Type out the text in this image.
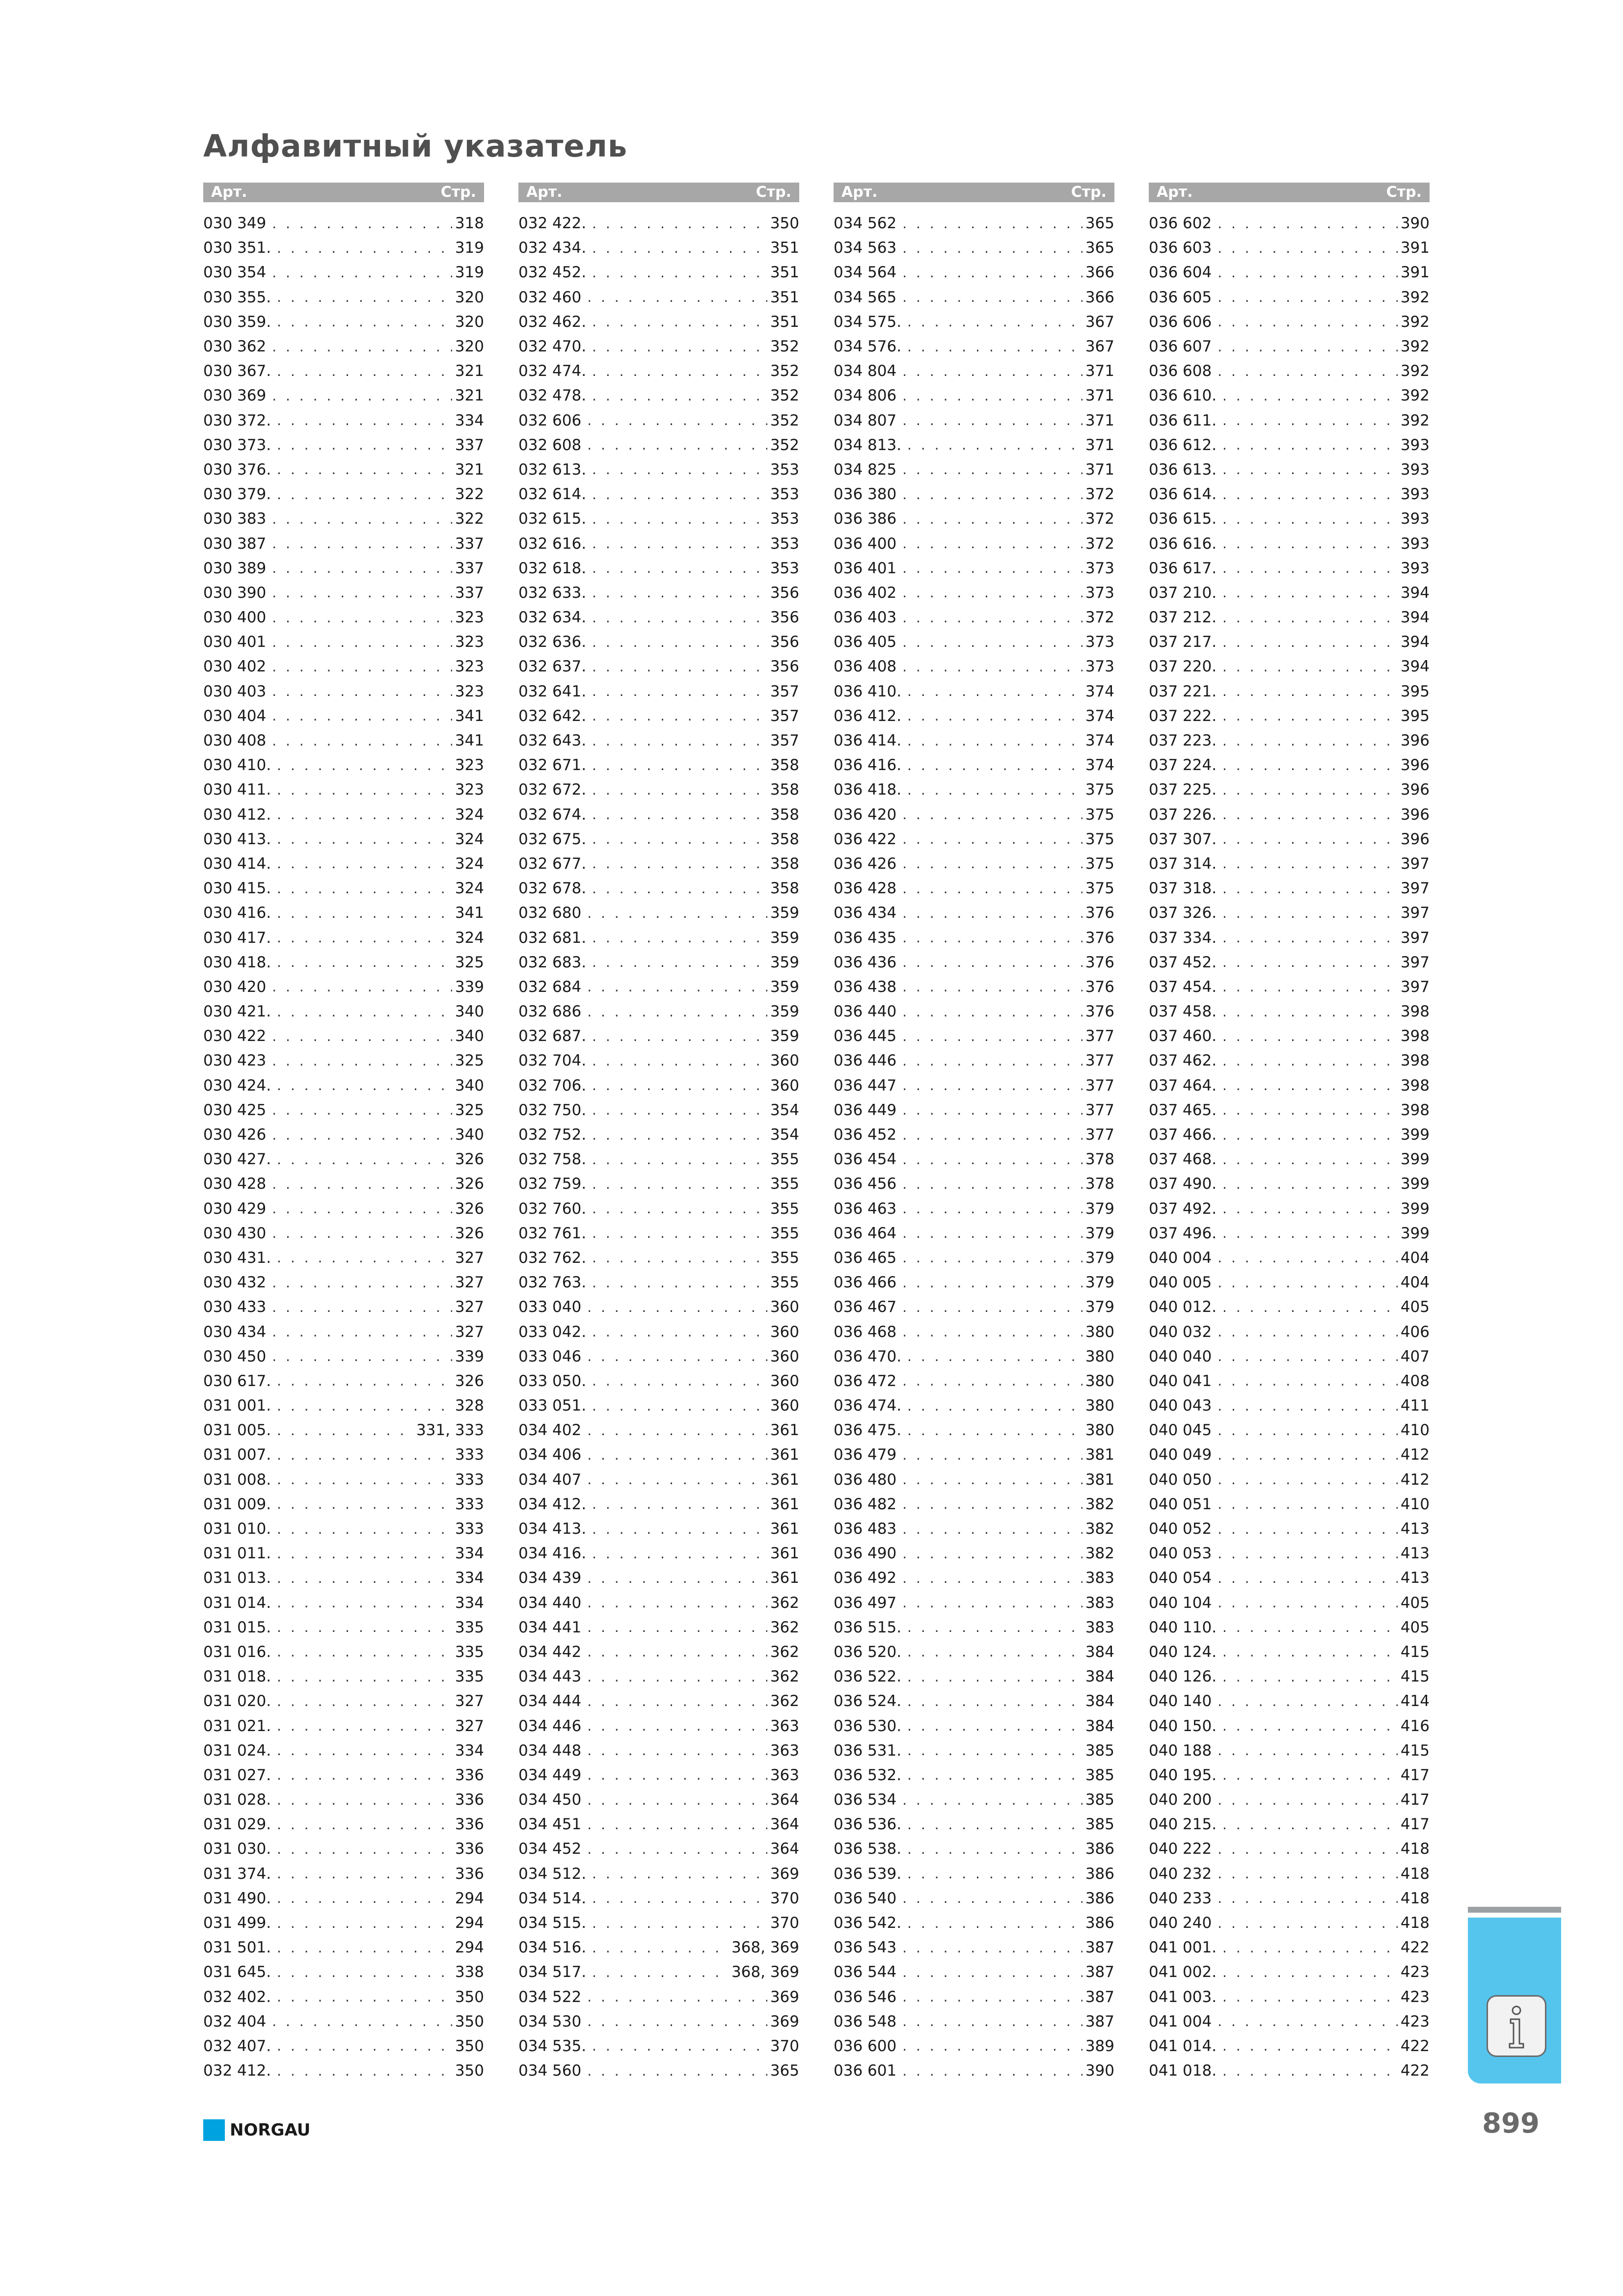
Алфавитный указатель
Арт.	Стр.
030 349 . . .	318
030 351. . . .	319
030 354 . . .	319
030 355. . . .	320
030 359. . . .	320
030 362 . . .	320
030 367. . . .	321
030 369 . . .	321
030 372. . . .	334
030 373. . . .	337
030 376. . . .	321
030 379. . . .	322
030 383 . . .	322
030 387 . . .	337
030 389 . . .	337
030 390 . . .	337
030 400 . . .	323
030 401 . . .	323
030 402 . . .	323
030 403 . . .	323
030 404 . . .	341
030 408 . . .	341
030 410. . . .	323
030 411. . . .	323
030 412. . . .	324
030 413. . . .	324
030 414. . . .	324
030 415. . . .	324
030 416. . . .	341
030 417. . . .	324
030 418. . . .	325
030 420 . . .	339
030 421. . . .	340
030 422 . . .	340
030 423 . . .	325
030 424. . . .	340
030 425 . . .	325
030 426 . . .	340
030 427. . . .	326
030 428 . . .	326
030 429 . . .	326
030 430 . . .	326
030 431. . . .	327
030 432 . . .	327
030 433 . . .	327
030 434 . . .	327
030 450 . . .	339
030 617. . . .	326
031 001. . . .	328
031 005. . . .	331, 333
031 007. . . .	333
031 008. . . .	333
031 009. . . .	333
031 010. . . .	333
031 011. . . .	334
031 013. . . .	334
031 014. . . .	334
031 015. . . .	335
031 016. . . .	335
031 018. . . .	335
031 020. . . .	327
031 021. . . .	327
031 024. . . .	334
031 027. . . .	336
031 028. . . .	336
031 029. . . .	336
031 030. . . .	336
031 374. . . .	336
031 490. . . .	294
031 499. . . .	294
031 501. . . .	294
031 645. . . .	338
032 402. . . .	350
032 404 . . .	350
032 407. . . .	350
032 412. . . .	350
Арт.	Стр.
032 422. . . .	350
032 434. . . .	351
032 452. . . .	351
032 460 . . .	351
032 462. . . .	351
032 470. . . .	352
032 474. . . .	352
032 478. . . .	352
032 606 . . .	352
032 608 . . .	352
032 613. . . .	353
032 614. . . .	353
032 615. . . .	353
032 616. . . .	353
032 618. . . .	353
032 633. . . .	356
032 634. . . .	356
032 636. . . .	356
032 637. . . .	356
032 641. . . .	357
032 642. . . .	357
032 643. . . .	357
032 671. . . .	358
032 672. . . .	358
032 674. . . .	358
032 675. . . .	358
032 677. . . .	358
032 678. . . .	358
032 680 . . .	359
032 681. . . .	359
032 683. . . .	359
032 684 . . .	359
032 686 . . .	359
032 687. . . .	359
032 704. . . .	360
032 706. . . .	360
032 750. . . .	354
032 752. . . .	354
032 758. . . .	355
032 759. . . .	355
032 760. . . .	355
032 761. . . .	355
032 762. . . .	355
032 763. . . .	355
033 040 . . .	360
033 042. . . .	360
033 046 . . .	360
033 050. . . .	360
033 051. . . .	360
034 402 . . .	361
034 406 . . .	361
034 407 . . .	361
034 412. . . .	361
034 413. . . .	361
034 416. . . .	361
034 439 . . .	361
034 440 . . .	362
034 441 . . .	362
034 442 . . .	362
034 443 . . .	362
034 444 . . .	362
034 446 . . .	363
034 448 . . .	363
034 449 . . .	363
034 450 . . .	364
034 451 . . .	364
034 452 . . .	364
034 512. . . .	369
034 514. . . .	370
034 515. . . .	370
034 516. . . .	368, 369
034 517. . . .	368, 369
034 522 . . .	369
034 530 . . .	369
034 535. . . .	370
034 560 . . .	365
Арт.	Стр.
034 562 . . .	365
034 563 . . .	365
034 564 . . .	366
034 565 . . .	366
034 575. . . .	367
034 576. . . .	367
034 804 . . .	371
034 806 . . .	371
034 807 . . .	371
034 813. . . .	371
034 825 . . .	371
036 380 . . .	372
036 386 . . .	372
036 400 . . .	372
036 401 . . .	373
036 402 . . .	373
036 403 . . .	372
036 405 . . .	373
036 408 . . .	373
036 410. . . .	374
036 412. . . .	374
036 414. . . .	374
036 416. . . .	374
036 418. . . .	375
036 420 . . .	375
036 422 . . .	375
036 426 . . .	375
036 428 . . .	375
036 434 . . .	376
036 435 . . .	376
036 436 . . .	376
036 438 . . .	376
036 440 . . .	376
036 445 . . .	377
036 446 . . .	377
036 447 . . .	377
036 449 . . .	377
036 452 . . .	377
036 454 . . .	378
036 456 . . .	378
036 463 . . .	379
036 464 . . .	379
036 465 . . .	379
036 466 . . .	379
036 467 . . .	379
036 468 . . .	380
036 470. . . .	380
036 472 . . .	380
036 474. . . .	380
036 475. . . .	380
036 479 . . .	381
036 480 . . .	381
036 482 . . .	382
036 483 . . .	382
036 490 . . .	382
036 492 . . .	383
036 497 . . .	383
036 515. . . .	383
036 520. . . .	384
036 522. . . .	384
036 524. . . .	384
036 530. . . .	384
036 531. . . .	385
036 532. . . .	385
036 534 . . .	385
036 536. . . .	385
036 538. . . .	386
036 539. . . .	386
036 540 . . .	386
036 542. . . .	386
036 543 . . .	387
036 544 . . .	387
036 546 . . .	387
036 548 . . .	387
036 600 . . .	389
036 601 . . .	390
Арт.	Стр.
036 602 . . .	390
036 603 . . .	391
036 604 . . .	391
036 605 . . .	392
036 606 . . .	392
036 607 . . .	392
036 608 . . .	392
036 610. . . .	392
036 611. . . .	392
036 612. . . .	393
036 613. . . .	393
036 614. . . .	393
036 615. . . .	393
036 616. . . .	393
036 617. . . .	393
037 210. . . .	394
037 212. . . .	394
037 217. . . .	394
037 220. . . .	394
037 221. . . .	395
037 222. . . .	395
037 223. . . .	396
037 224. . . .	396
037 225. . . .	396
037 226. . . .	396
037 307. . . .	396
037 314. . . .	397
037 318. . . .	397
037 326. . . .	397
037 334. . . .	397
037 452. . . .	397
037 454. . . .	397
037 458. . . .	398
037 460. . . .	398
037 462. . . .	398
037 464. . . .	398
037 465. . . .	398
037 466. . . .	399
037 468. . . .	399
037 490. . . .	399
037 492. . . .	399
037 496. . . .	399
040 004 . . .	404
040 005 . . .	404
040 012. . . .	405
040 032 . . .	406
040 040 . . .	407
040 041 . . .	408
040 043 . . .	411
040 045 . . .	410
040 049 . . .	412
040 050 . . .	412
040 051 . . .	410
040 052 . . .	413
040 053 . . .	413
040 054 . . .	413
040 104 . . .	405
040 110. . . .	405
040 124. . . .	415
040 126. . . .	415
040 140 . . .	414
040 150. . . .	416
040 188 . . .	415
040 195. . . .	417
040 200 . . .	417
040 215. . . .	417
040 222 . . .	418
040 232 . . .	418
040 233 . . .	418
040 240 . . .	418
041 001. . . .	422
041 002. . . .	423
041 003. . . .	423
041 004 . . .	423
041 014. . . .	422
041 018. . . .	422
NORGAU	899
